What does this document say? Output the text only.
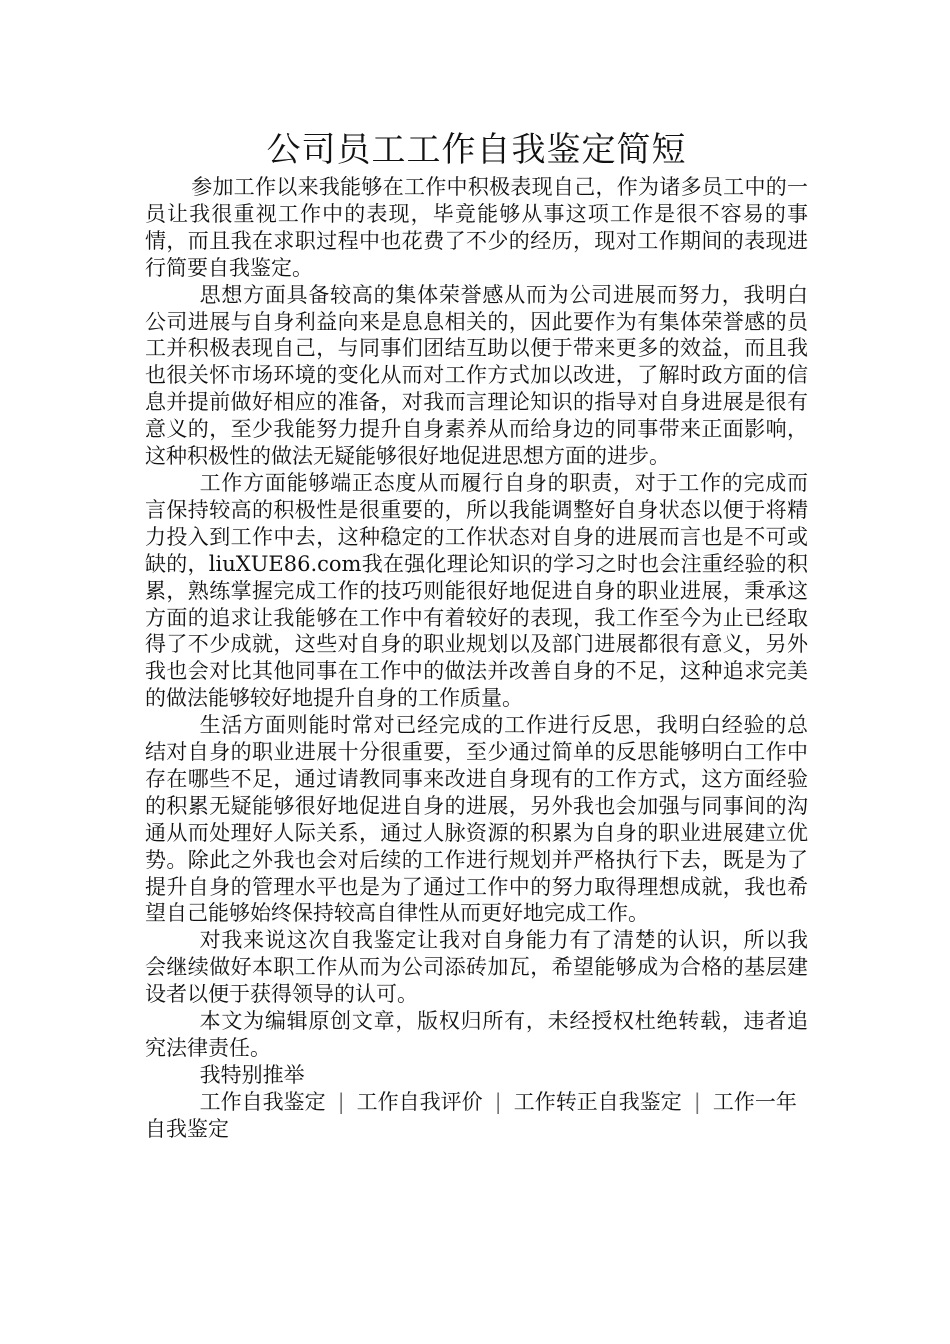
公司员工工作自我鉴定简短

参加工作以来我能够在工作中积极表现自己，作为诸多员工中的一员让我很重视工作中的表现，毕竟能够从事这项工作是很不容易的事情，而且我在求职过程中也花费了不少的经历，现对工作期间的表现进行简要自我鉴定。

思想方面具备较高的集体荣誉感从而为公司进展而努力，我明白公司进展与自身利益向来是息息相关的，因此要作为有集体荣誉感的员工并积极表现自己，与同事们团结互助以便于带来更多的效益，而且我也很关怀市场环境的变化从而对工作方式加以改进，了解时政方面的信息并提前做好相应的准备，对我而言理论知识的指导对自身进展是很有意义的，至少我能努力提升自身素养从而给身边的同事带来正面影响，这种积极性的做法无疑能够很好地促进思想方面的进步。

工作方面能够端正态度从而履行自身的职责，对于工作的完成而言保持较高的积极性是很重要的，所以我能调整好自身状态以便于将精力投入到工作中去，这种稳定的工作状态对自身的进展而言也是不可或缺的，liuXUE86.com我在强化理论知识的学习之时也会注重经验的积累，熟练掌握完成工作的技巧则能很好地促进自身的职业进展，秉承这方面的追求让我能够在工作中有着较好的表现，我工作至今为止已经取得了不少成就，这些对自身的职业规划以及部门进展都很有意义，另外我也会对比其他同事在工作中的做法并改善自身的不足，这种追求完美的做法能够较好地提升自身的工作质量。

生活方面则能时常对已经完成的工作进行反思，我明白经验的总结对自身的职业进展十分很重要，至少通过简单的反思能够明白工作中存在哪些不足，通过请教同事来改进自身现有的工作方式，这方面经验的积累无疑能够很好地促进自身的进展，另外我也会加强与同事间的沟通从而处理好人际关系，通过人脉资源的积累为自身的职业进展建立优势。除此之外我也会对后续的工作进行规划并严格执行下去，既是为了提升自身的管理水平也是为了通过工作中的努力取得理想成就，我也希望自己能够始终保持较高自律性从而更好地完成工作。

对我来说这次自我鉴定让我对自身能力有了清楚的认识，所以我会继续做好本职工作从而为公司添砖加瓦，希望能够成为合格的基层建设者以便于获得领导的认可。

本文为编辑原创文章，版权归所有，未经授权杜绝转载，违者追究法律责任。

我特别推举

工作自我鉴定 | 工作自我评价 | 工作转正自我鉴定 | 工作一年自我鉴定
